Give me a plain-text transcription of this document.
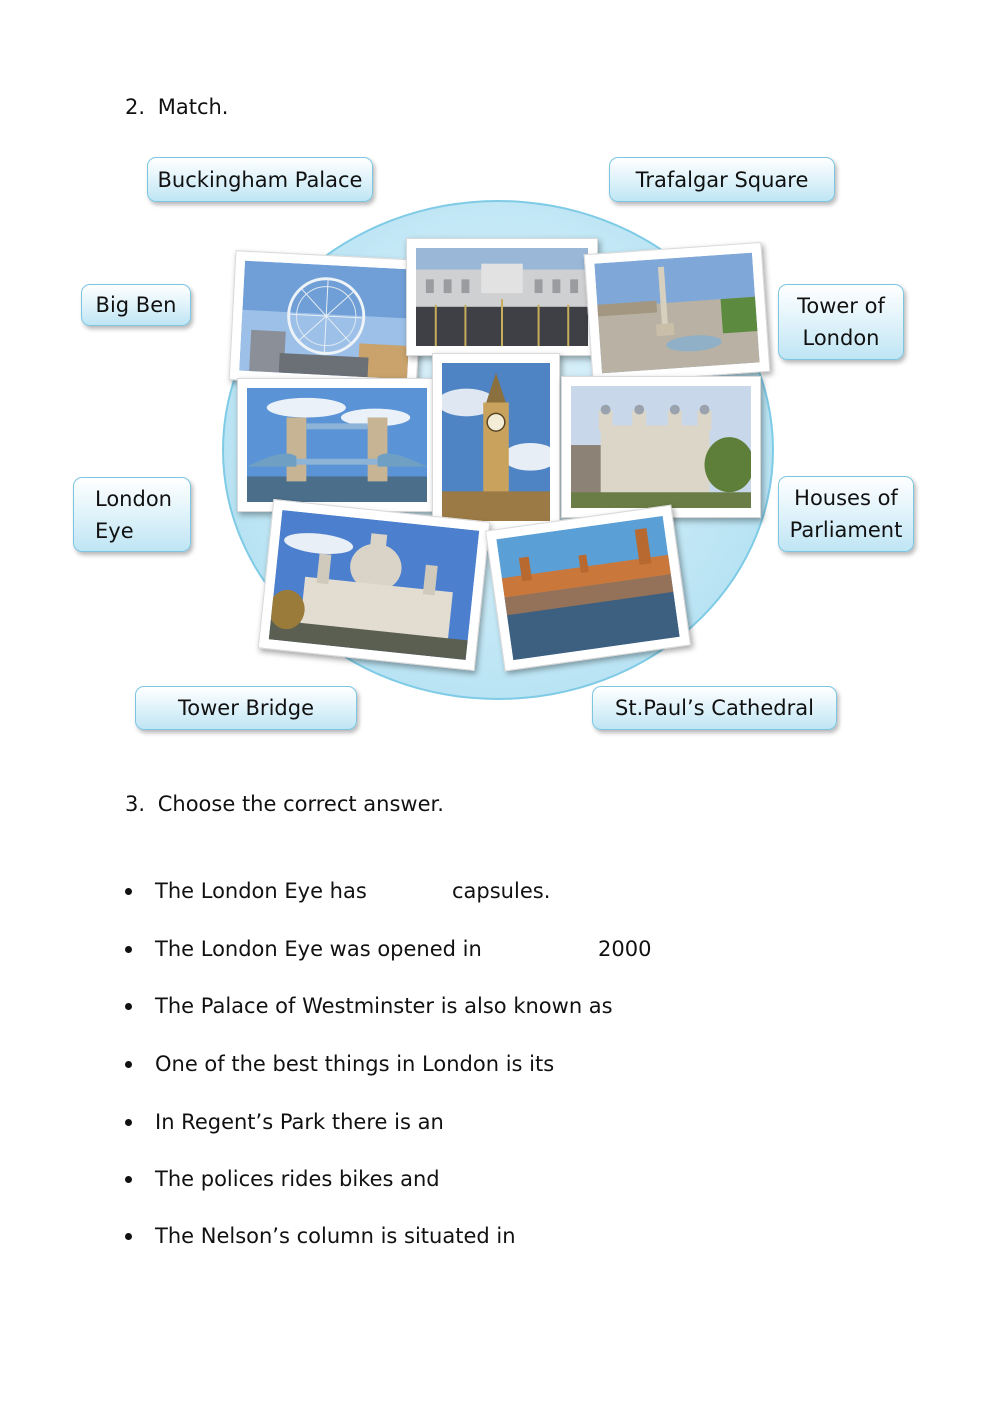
2. Match.
Buckingham Palace	Trafalgar Square
Big Ben	Tower of
London
London
Eye
Houses of
Parliament
Tower Bridge	St.Paul’s Cathedral
3. Choose the correct answer.
The London Eye has	capsules.
The London Eye was opened in	2000
The Palace of Westminster is also known as
One of the best things in London is its
In Regent’s Park there is an
The polices rides bikes and
The Nelson’s column is situated in
